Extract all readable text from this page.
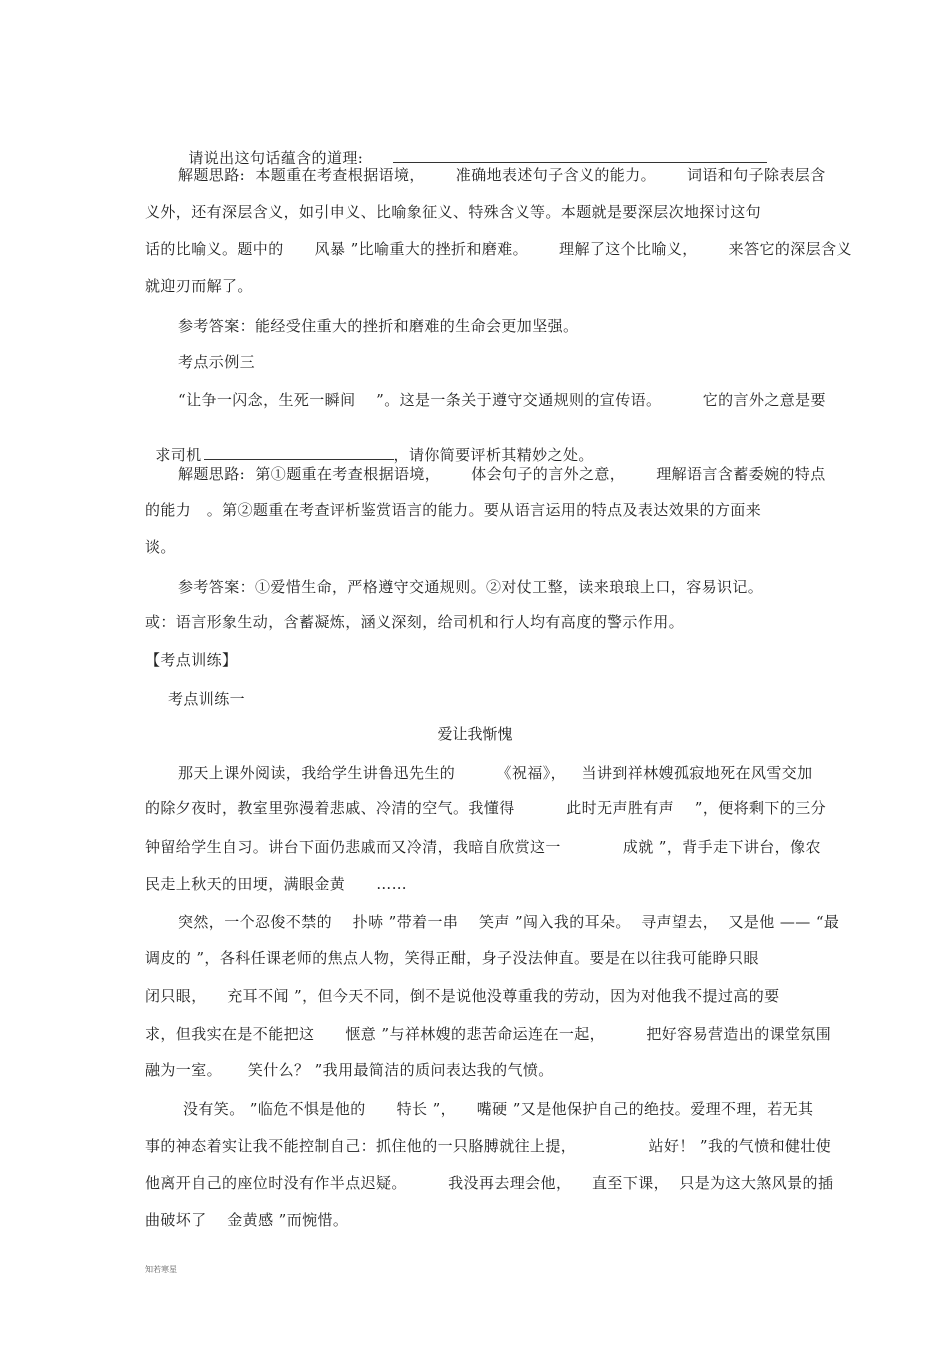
请说出这句话蕴含的道理:

解题思路:  本题重在考查根据语境，      准确地表述句子含义的能力。      词语和句子除表层含
义外，还有深层含义，如引申义、比喻象征义、特殊含义等。本题就是要深层次地探讨这句
话的比喻义。题中的      风暴 ”比喻重大的挫折和磨难。      理解了这个比喻义，      来答它的深层含义
就迎刃而解了。
参考答案：能经受住重大的挫折和磨难的生命会更加坚强。
考点示例三
“让争一闪念，生死一瞬间    ”。这是一条关于遵守交通规则的宣传语。        它的言外之意是要

求司机	，请你简要评析其精妙之处。

解题思路:  第①题重在考查根据语境，      体会句子的言外之意，      理解语言含蓄委婉的特点
的能力   。第②题重在考查评析鉴赏语言的能力。要从语言运用的特点及表达效果的方面来
谈。
参考答案：①爱惜生命，严格遵守交通规则。②对仗工整，读来琅琅上口，容易识记。
或：语言形象生动，含蓄凝炼，涵义深刻，给司机和行人均有高度的警示作用。
【考点训练】
考点训练一
爱让我惭愧
那天上课外阅读，我给学生讲鲁迅先生的        《祝福》，   当讲到祥林嫂孤寂地死在风雪交加
的除夕夜时，教室里弥漫着悲戚、冷清的空气。我懂得          此时无声胜有声    ”，便将剩下的三分
钟留给学生自习。讲台下面仍悲戚而又冷清，我暗自欣赏这一            成就 ”，背手走下讲台，像农
民走上秋天的田埂，满眼金黄      ……
突然，一个忍俊不禁的    扑哧 ”带着一串    笑声 ”闯入我的耳朵。  寻声望去，  又是他 —— “最
调皮的 ”，各科任课老师的焦点人物，笑得正酣，身子没法伸直。要是在以往我可能睁只眼
闭只眼，    充耳不闻 ”，但今天不同，倒不是说他没尊重我的劳动，因为对他我不提过高的要
求，但我实在是不能把这      惬意 ”与祥林嫂的悲苦命运连在一起，        把好容易营造出的课堂氛围
融为一室。     笑什么？ ”我用最简洁的质问表达我的气愤。
没有笑。 ”临危不惧是他的      特长 ”，    嘴硬 ”又是他保护自己的绝技。爱理不理，若无其
事的神态着实让我不能控制自己：抓住他的一只胳膊就往上提，              站好！ ”我的气愤和健壮使
他离开自己的座位时没有作半点迟疑。        我没再去理会他，    直至下课，  只是为这大煞风景的插
曲破坏了    金黄感 ”而惋惜。
知若寒星
